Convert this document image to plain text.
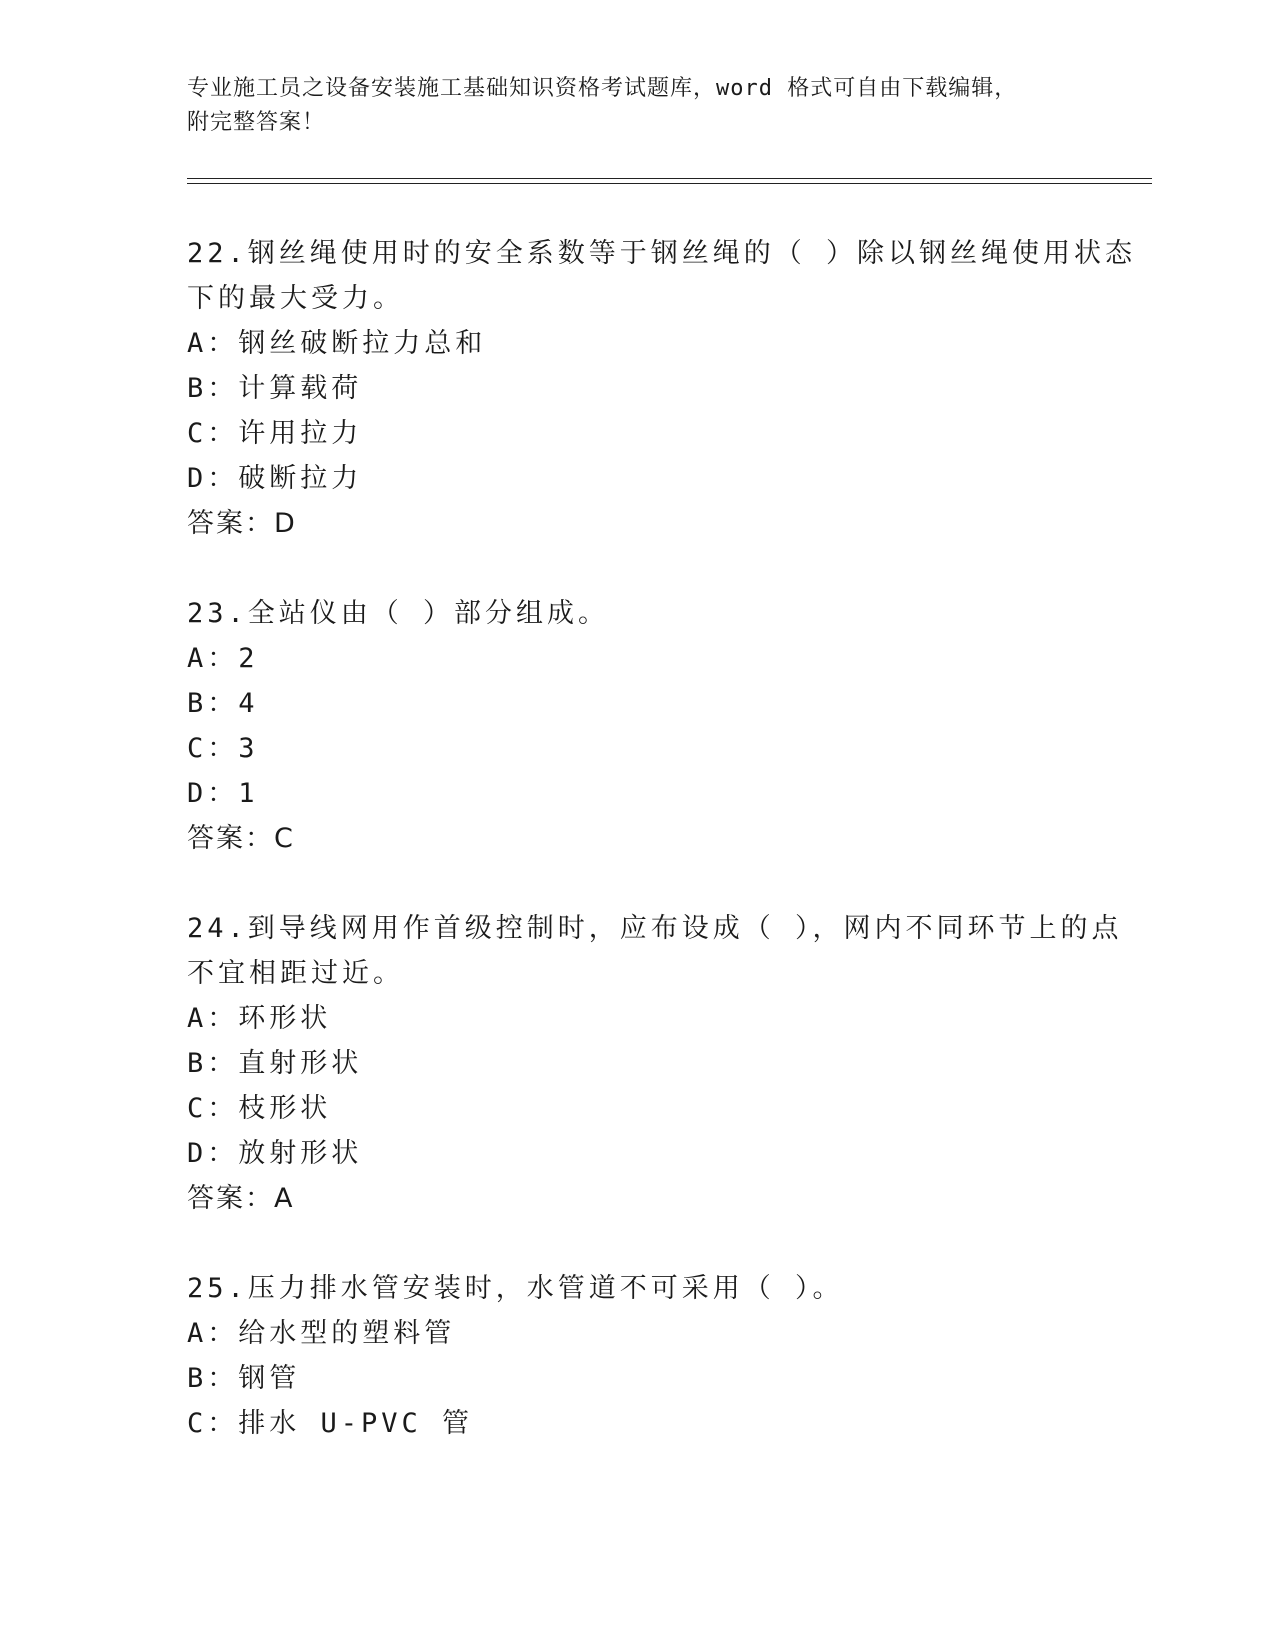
专业施工员之设备安装施工基础知识资格考试题库，word 格式可自由下载编辑，
附完整答案！
22.钢丝绳使用时的安全系数等于钢丝绳的（ ）除以钢丝绳使用状态
下的最大受力。
A：钢丝破断拉力总和
B：计算载荷
C：许用拉力
D：破断拉力
答案：D
23.全站仪由（ ）部分组成。
A：2
B：4
C：3
D：1
答案：C
24.到导线网用作首级控制时，应布设成（ ），网内不同环节上的点
不宜相距过近。
A：环形状
B：直射形状
C：枝形状
D：放射形状
答案：A
25.压力排水管安装时，水管道不可采用（ ）。
A：给水型的塑料管
B：钢管
C：排水 U-PVC 管
